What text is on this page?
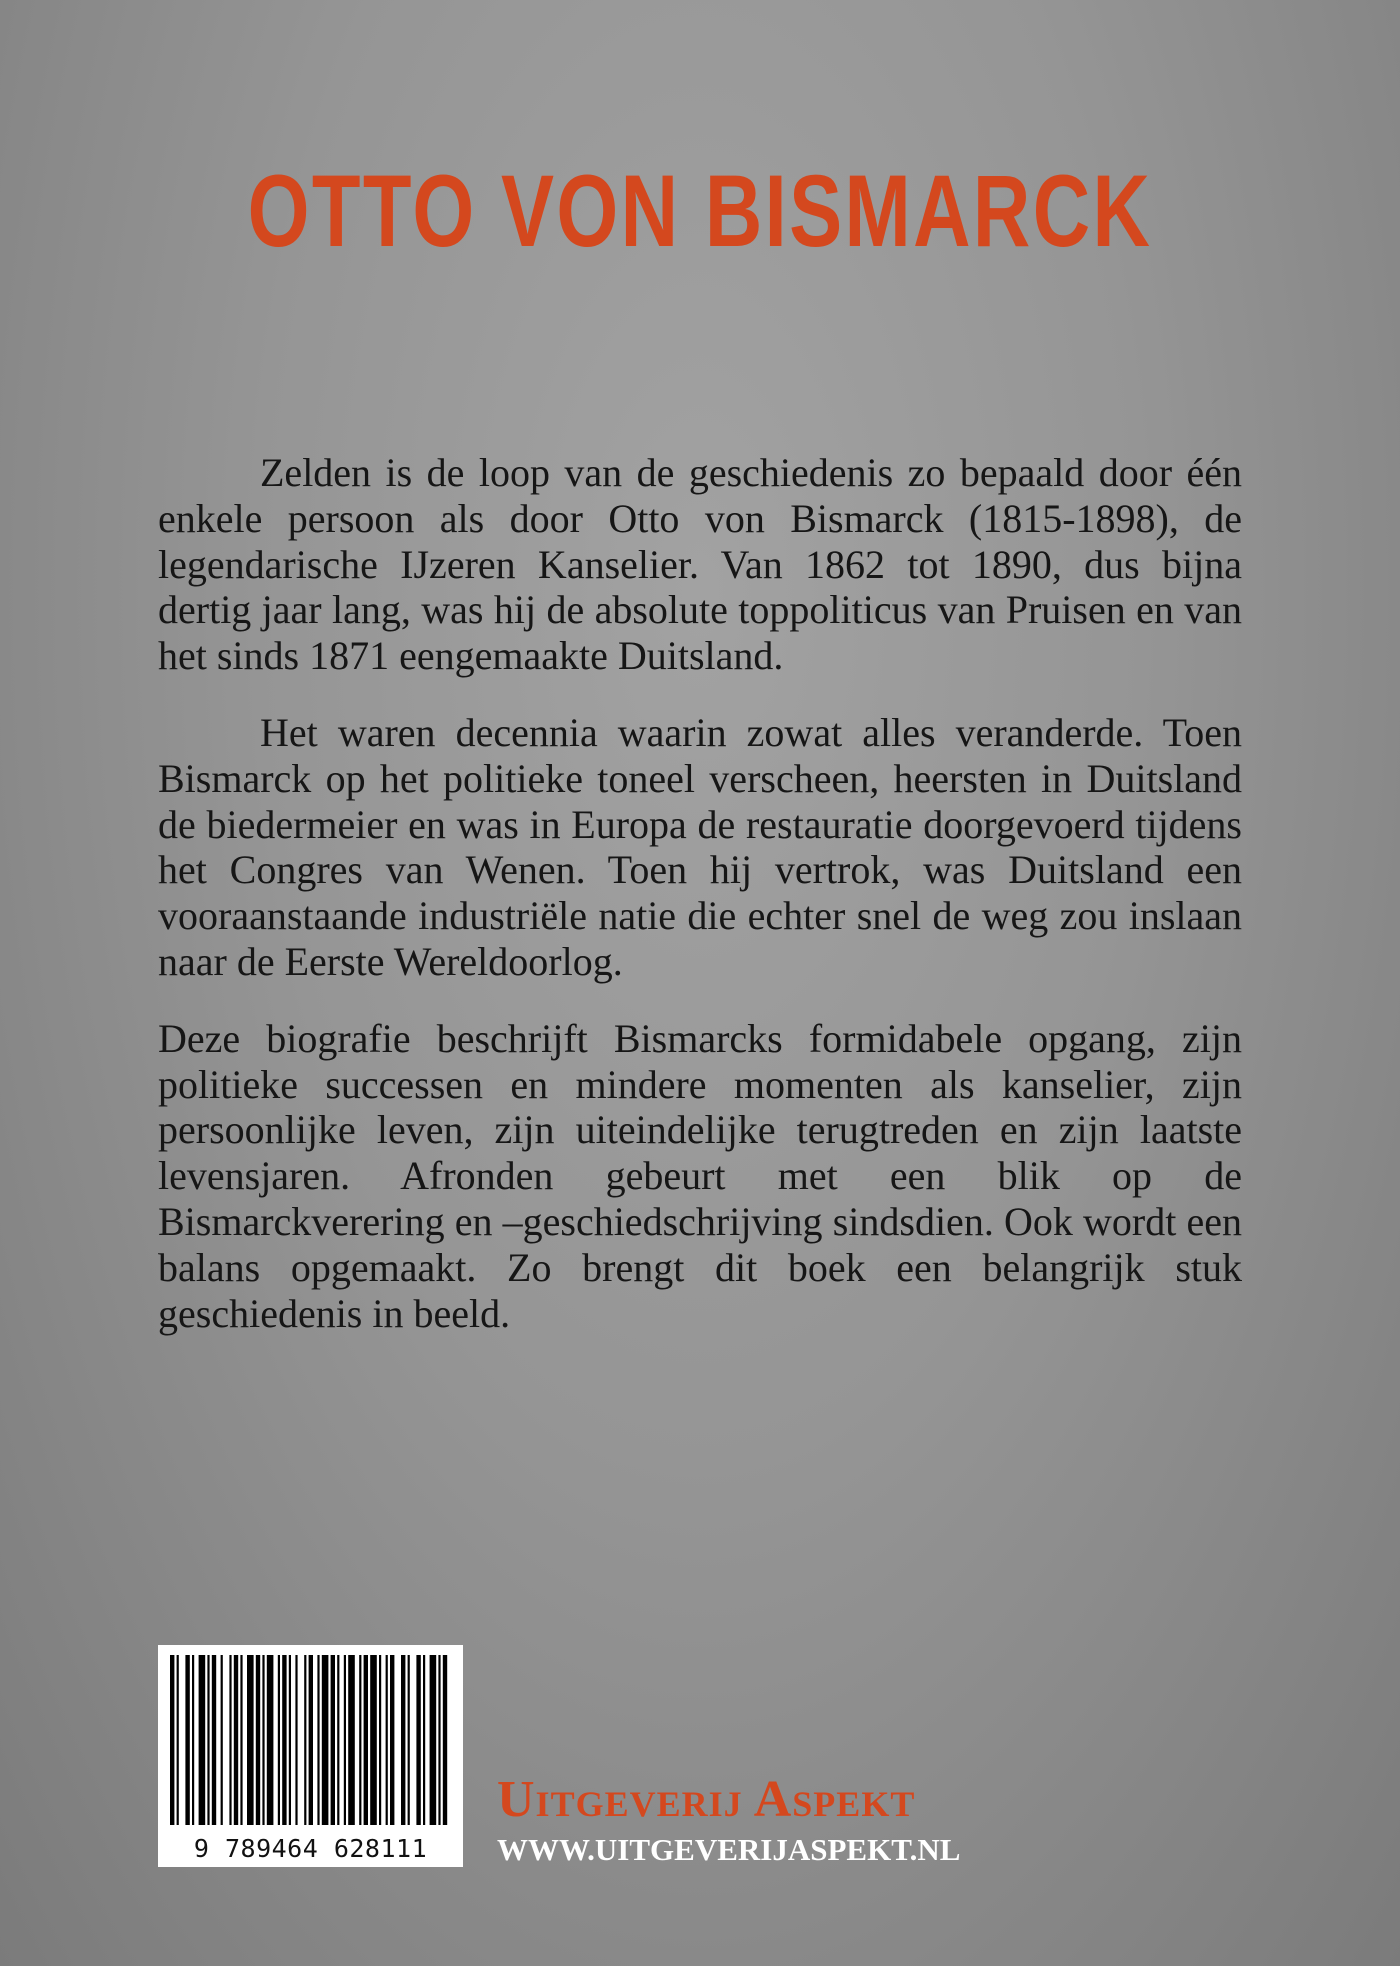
OTTO VON BISMARCK

Zelden is de loop van de geschiedenis zo bepaald door één enkele persoon als door Otto von Bismarck (1815-1898), de legendarische IJzeren Kanselier. Van 1862 tot 1890, dus bijna dertig jaar lang, was hij de absolute toppoliticus van Pruisen en van het sinds 1871 eengemaakte Duitsland.

Het waren decennia waarin zowat alles veranderde. Toen Bismarck op het politieke toneel verscheen, heersten in Duitsland de biedermeier en was in Europa de restauratie doorgevoerd tijdens het Congres van Wenen. Toen hij vertrok, was Duitsland een vooraanstaande industriële natie die echter snel de weg zou inslaan naar de Eerste Wereldoorlog.

Deze biografie beschrijft Bismarcks formidabele opgang, zijn politieke successen en mindere momenten als kanselier, zijn persoonlijke leven, zijn uiteindelijke terugtreden en zijn laatste levensjaren. Afronden gebeurt met een blik op de Bismarckverering en –geschiedschrijving sindsdien. Ook wordt een balans opgemaakt. Zo brengt dit boek een belangrijk stuk geschiedenis in beeld.

9 789464 628111
Uitgeverij Aspekt
WWW.UITGEVERIJASPEKT.NL
